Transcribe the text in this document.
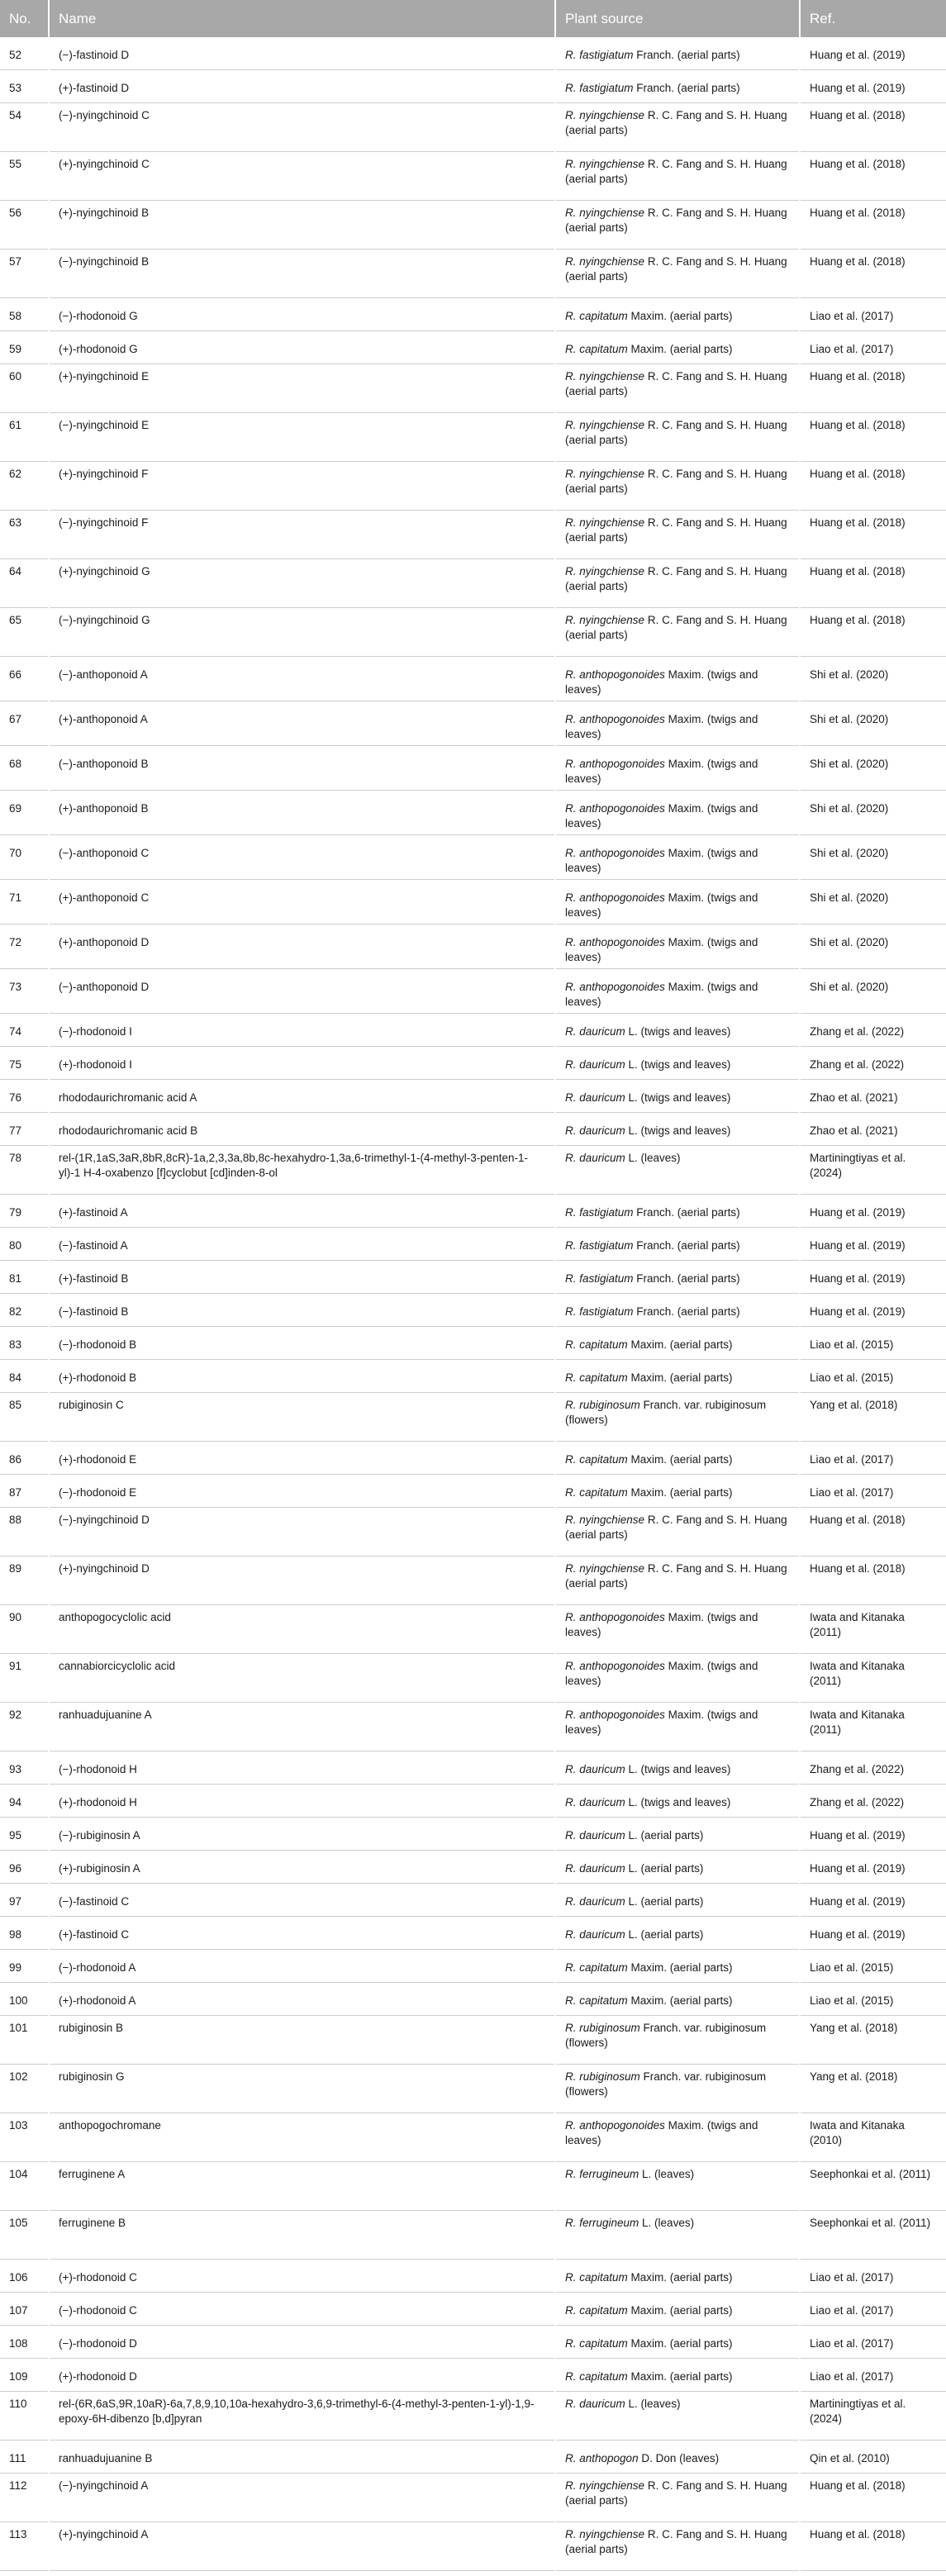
No.	Name	Plant source	Ref.
52	(−)-fastinoid D	R. fastigiatum Franch. (aerial parts)	Huang et al. (2019)
53	(+)-fastinoid D	R. fastigiatum Franch. (aerial parts)	Huang et al. (2019)
54	(−)-nyingchinoid C	R. nyingchiense R. C. Fang and S. H. Huang (aerial parts)	Huang et al. (2018)
55	(+)-nyingchinoid C	R. nyingchiense R. C. Fang and S. H. Huang (aerial parts)	Huang et al. (2018)
56	(+)-nyingchinoid B	R. nyingchiense R. C. Fang and S. H. Huang (aerial parts)	Huang et al. (2018)
57	(−)-nyingchinoid B	R. nyingchiense R. C. Fang and S. H. Huang (aerial parts)	Huang et al. (2018)
58	(−)-rhodonoid G	R. capitatum Maxim. (aerial parts)	Liao et al. (2017)
59	(+)-rhodonoid G	R. capitatum Maxim. (aerial parts)	Liao et al. (2017)
60	(+)-nyingchinoid E	R. nyingchiense R. C. Fang and S. H. Huang (aerial parts)	Huang et al. (2018)
61	(−)-nyingchinoid E	R. nyingchiense R. C. Fang and S. H. Huang (aerial parts)	Huang et al. (2018)
62	(+)-nyingchinoid F	R. nyingchiense R. C. Fang and S. H. Huang (aerial parts)	Huang et al. (2018)
63	(−)-nyingchinoid F	R. nyingchiense R. C. Fang and S. H. Huang (aerial parts)	Huang et al. (2018)
64	(+)-nyingchinoid G	R. nyingchiense R. C. Fang and S. H. Huang (aerial parts)	Huang et al. (2018)
65	(−)-nyingchinoid G	R. nyingchiense R. C. Fang and S. H. Huang (aerial parts)	Huang et al. (2018)
66	(−)-anthoponoid A	R. anthopogonoides Maxim. (twigs and leaves)	Shi et al. (2020)
67	(+)-anthoponoid A	R. anthopogonoides Maxim. (twigs and leaves)	Shi et al. (2020)
68	(−)-anthoponoid B	R. anthopogonoides Maxim. (twigs and leaves)	Shi et al. (2020)
69	(+)-anthoponoid B	R. anthopogonoides Maxim. (twigs and leaves)	Shi et al. (2020)
70	(−)-anthoponoid C	R. anthopogonoides Maxim. (twigs and leaves)	Shi et al. (2020)
71	(+)-anthoponoid C	R. anthopogonoides Maxim. (twigs and leaves)	Shi et al. (2020)
72	(+)-anthoponoid D	R. anthopogonoides Maxim. (twigs and leaves)	Shi et al. (2020)
73	(−)-anthoponoid D	R. anthopogonoides Maxim. (twigs and leaves)	Shi et al. (2020)
74	(−)-rhodonoid I	R. dauricum L. (twigs and leaves)	Zhang et al. (2022)
75	(+)-rhodonoid I	R. dauricum L. (twigs and leaves)	Zhang et al. (2022)
76	rhododaurichromanic acid A	R. dauricum L. (twigs and leaves)	Zhao et al. (2021)
77	rhododaurichromanic acid B	R. dauricum L. (twigs and leaves)	Zhao et al. (2021)
78	rel-(1R,1aS,3aR,8bR,8cR)-1a,2,3,3a,8b,8c-hexahydro-1,3a,6-trimethyl-1-(4-methyl-3-penten-1-yl)-1 H-4-oxabenzo [f]cyclobut [cd]inden-8-ol	R. dauricum L. (leaves)	Martiningtiyas et al. (2024)
79	(+)-fastinoid A	R. fastigiatum Franch. (aerial parts)	Huang et al. (2019)
80	(−)-fastinoid A	R. fastigiatum Franch. (aerial parts)	Huang et al. (2019)
81	(+)-fastinoid B	R. fastigiatum Franch. (aerial parts)	Huang et al. (2019)
82	(−)-fastinoid B	R. fastigiatum Franch. (aerial parts)	Huang et al. (2019)
83	(−)-rhodonoid B	R. capitatum Maxim. (aerial parts)	Liao et al. (2015)
84	(+)-rhodonoid B	R. capitatum Maxim. (aerial parts)	Liao et al. (2015)
85	rubiginosin C	R. rubiginosum Franch. var. rubiginosum (flowers)	Yang et al. (2018)
86	(+)-rhodonoid E	R. capitatum Maxim. (aerial parts)	Liao et al. (2017)
87	(−)-rhodonoid E	R. capitatum Maxim. (aerial parts)	Liao et al. (2017)
88	(−)-nyingchinoid D	R. nyingchiense R. C. Fang and S. H. Huang (aerial parts)	Huang et al. (2018)
89	(+)-nyingchinoid D	R. nyingchiense R. C. Fang and S. H. Huang (aerial parts)	Huang et al. (2018)
90	anthopogocyclolic acid	R. anthopogonoides Maxim. (twigs and leaves)	Iwata and Kitanaka (2011)
91	cannabiorcicyclolic acid	R. anthopogonoides Maxim. (twigs and leaves)	Iwata and Kitanaka (2011)
92	ranhuadujuanine A	R. anthopogonoides Maxim. (twigs and leaves)	Iwata and Kitanaka (2011)
93	(−)-rhodonoid H	R. dauricum L. (twigs and leaves)	Zhang et al. (2022)
94	(+)-rhodonoid H	R. dauricum L. (twigs and leaves)	Zhang et al. (2022)
95	(−)-rubiginosin A	R. dauricum L. (aerial parts)	Huang et al. (2019)
96	(+)-rubiginosin A	R. dauricum L. (aerial parts)	Huang et al. (2019)
97	(−)-fastinoid C	R. dauricum L. (aerial parts)	Huang et al. (2019)
98	(+)-fastinoid C	R. dauricum L. (aerial parts)	Huang et al. (2019)
99	(−)-rhodonoid A	R. capitatum Maxim. (aerial parts)	Liao et al. (2015)
100	(+)-rhodonoid A	R. capitatum Maxim. (aerial parts)	Liao et al. (2015)
101	rubiginosin B	R. rubiginosum Franch. var. rubiginosum (flowers)	Yang et al. (2018)
102	rubiginosin G	R. rubiginosum Franch. var. rubiginosum (flowers)	Yang et al. (2018)
103	anthopogochromane	R. anthopogonoides Maxim. (twigs and leaves)	Iwata and Kitanaka (2010)
104	ferruginene A	R. ferrugineum L. (leaves)	Seephonkai et al. (2011)
105	ferruginene B	R. ferrugineum L. (leaves)	Seephonkai et al. (2011)
106	(+)-rhodonoid C	R. capitatum Maxim. (aerial parts)	Liao et al. (2017)
107	(−)-rhodonoid C	R. capitatum Maxim. (aerial parts)	Liao et al. (2017)
108	(−)-rhodonoid D	R. capitatum Maxim. (aerial parts)	Liao et al. (2017)
109	(+)-rhodonoid D	R. capitatum Maxim. (aerial parts)	Liao et al. (2017)
110	rel-(6R,6aS,9R,10aR)-6a,7,8,9,10,10a-hexahydro-3,6,9-trimethyl-6-(4-methyl-3-penten-1-yl)-1,9-epoxy-6H-dibenzo [b,d]pyran	R. dauricum L. (leaves)	Martiningtiyas et al. (2024)
111	ranhuadujuanine B	R. anthopogon D. Don (leaves)	Qin et al. (2010)
112	(−)-nyingchinoid A	R. nyingchiense R. C. Fang and S. H. Huang (aerial parts)	Huang et al. (2018)
113	(+)-nyingchinoid A	R. nyingchiense R. C. Fang and S. H. Huang (aerial parts)	Huang et al. (2018)
